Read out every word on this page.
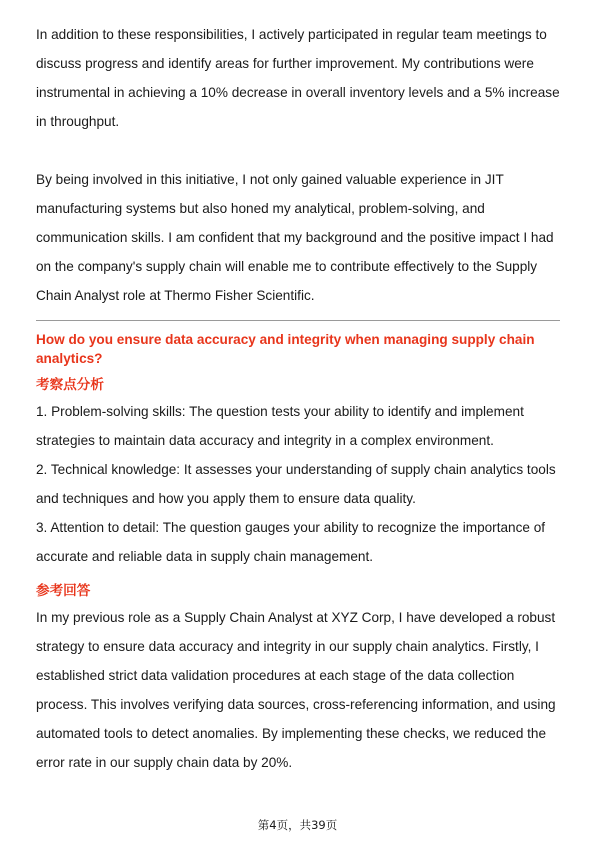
In addition to these responsibilities, I actively participated in regular team meetings to discuss progress and identify areas for further improvement. My contributions were instrumental in achieving a 10% decrease in overall inventory levels and a 5% increase in throughput.

By being involved in this initiative, I not only gained valuable experience in JIT manufacturing systems but also honed my analytical, problem-solving, and communication skills. I am confident that my background and the positive impact I had on the company's supply chain will enable me to contribute effectively to the Supply Chain Analyst role at Thermo Fisher Scientific.

How do you ensure data accuracy and integrity when managing supply chain analytics?

考察点分析

1. Problem-solving skills: The question tests your ability to identify and implement strategies to maintain data accuracy and integrity in a complex environment.
2. Technical knowledge: It assesses your understanding of supply chain analytics tools and techniques and how you apply them to ensure data quality.
3. Attention to detail: The question gauges your ability to recognize the importance of accurate and reliable data in supply chain management.

参考回答

In my previous role as a Supply Chain Analyst at XYZ Corp, I have developed a robust strategy to ensure data accuracy and integrity in our supply chain analytics. Firstly, I established strict data validation procedures at each stage of the data collection process. This involves verifying data sources, cross-referencing information, and using automated tools to detect anomalies. By implementing these checks, we reduced the error rate in our supply chain data by 20%.

第4页，共39页
